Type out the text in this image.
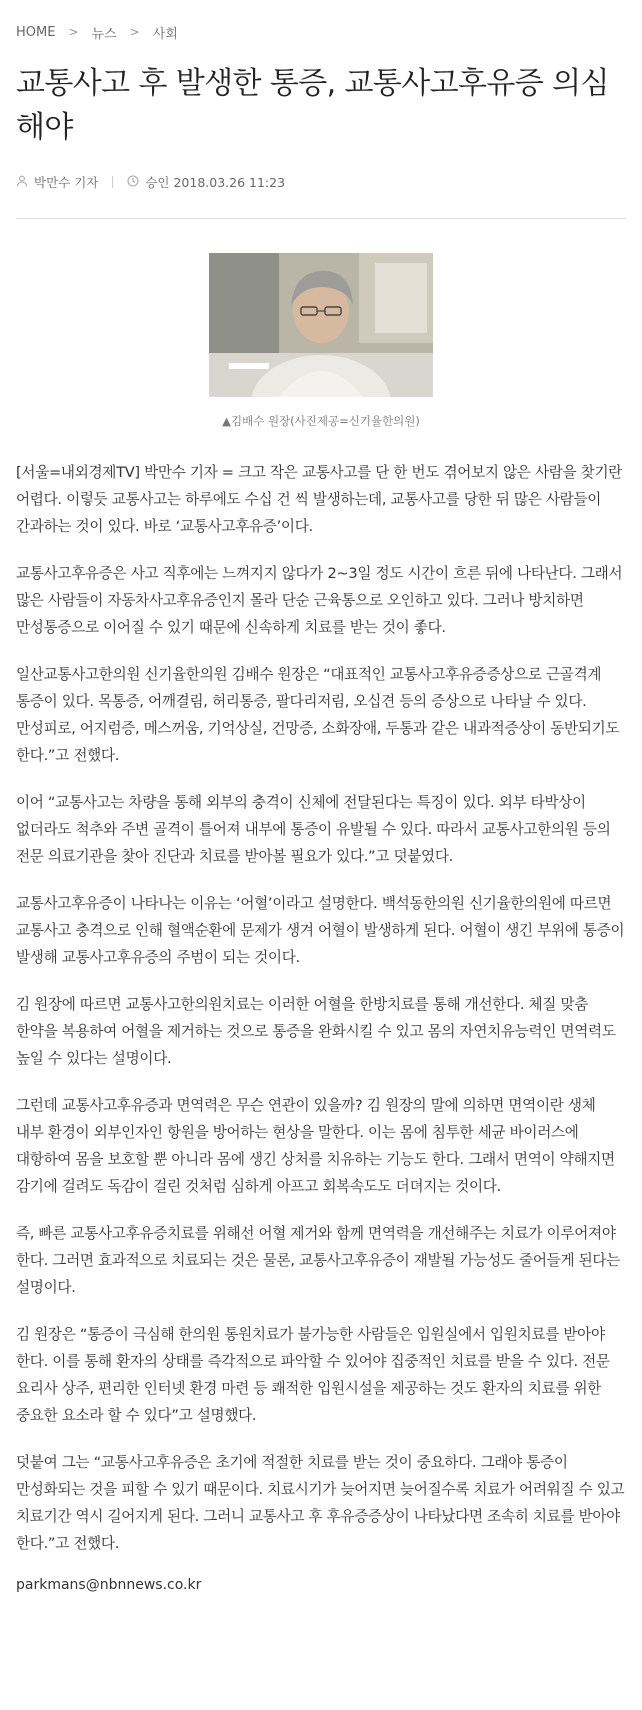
HOME > 뉴스 > 사회
교통사고 후 발생한 통증, 교통사고후유증 의심해야
박만수 기자	승인 2018.03.26 11:23
▲김배수 원장(사진제공=신기율한의원)

[서울=내외경제TV] 박만수 기자 = 크고 작은 교통사고를 단 한 번도 겪어보지 않은 사람을 찾기란 어렵다. 이렇듯 교통사고는 하루에도 수십 건 씩 발생하는데, 교통사고를 당한 뒤 많은 사람들이 간과하는 것이 있다. 바로 ‘교통사고후유증’이다.

교통사고후유증은 사고 직후에는 느껴지지 않다가 2~3일 정도 시간이 흐른 뒤에 나타난다. 그래서 많은 사람들이 자동차사고후유증인지 몰라 단순 근육통으로 오인하고 있다. 그러나 방치하면 만성통증으로 이어질 수 있기 때문에 신속하게 치료를 받는 것이 좋다.

일산교통사고한의원 신기율한의원 김배수 원장은 “대표적인 교통사고후유증증상으로 근골격계 통증이 있다. 목통증, 어깨결림, 허리통증, 팔다리저림, 오십견 등의 증상으로 나타날 수 있다. 만성피로, 어지럼증, 메스꺼움, 기억상실, 건망증, 소화장애, 두통과 같은 내과적증상이 동반되기도 한다.”고 전했다.

이어 “교통사고는 차량을 통해 외부의 충격이 신체에 전달된다는 특징이 있다. 외부 타박상이 없더라도 척추와 주변 골격이 틀어져 내부에 통증이 유발될 수 있다. 따라서 교통사고한의원 등의 전문 의료기관을 찾아 진단과 치료를 받아볼 필요가 있다.”고 덧붙였다.

교통사고후유증이 나타나는 이유는 ‘어혈’이라고 설명한다. 백석동한의원 신기율한의원에 따르면 교통사고 충격으로 인해 혈액순환에 문제가 생겨 어혈이 발생하게 된다. 어혈이 생긴 부위에 통증이 발생해 교통사고후유증의 주범이 되는 것이다.

김 원장에 따르면 교통사고한의원치료는 이러한 어혈을 한방치료를 통해 개선한다. 체질 맞춤 한약을 복용하여 어혈을 제거하는 것으로 통증을 완화시킬 수 있고 몸의 자연치유능력인 면역력도 높일 수 있다는 설명이다.

그런데 교통사고후유증과 면역력은 무슨 연관이 있을까? 김 원장의 말에 의하면 면역이란 생체 내부 환경이 외부인자인 항원을 방어하는 현상을 말한다. 이는 몸에 침투한 세균 바이러스에 대항하여 몸을 보호할 뿐 아니라 몸에 생긴 상처를 치유하는 기능도 한다. 그래서 면역이 약해지면 감기에 걸려도 독감이 걸린 것처럼 심하게 아프고 회복속도도 더뎌지는 것이다.

즉, 빠른 교통사고후유증치료를 위해선 어혈 제거와 함께 면역력을 개선해주는 치료가 이루어져야 한다. 그러면 효과적으로 치료되는 것은 물론, 교통사고후유증이 재발될 가능성도 줄어들게 된다는 설명이다.

김 원장은 “통증이 극심해 한의원 통원치료가 불가능한 사람들은 입원실에서 입원치료를 받아야 한다. 이를 통해 환자의 상태를 즉각적으로 파악할 수 있어야 집중적인 치료를 받을 수 있다. 전문 요리사 상주, 편리한 인터넷 환경 마련 등 쾌적한 입원시설을 제공하는 것도 환자의 치료를 위한 중요한 요소라 할 수 있다”고 설명했다.

덧붙여 그는 “교통사고후유증은 초기에 적절한 치료를 받는 것이 중요하다. 그래야 통증이 만성화되는 것을 피할 수 있기 때문이다. 치료시기가 늦어지면 늦어질수록 치료가 어려워질 수 있고 치료기간 역시 길어지게 된다. 그러니 교통사고 후 후유증증상이 나타났다면 조속히 치료를 받아야 한다.”고 전했다.

parkmans@nbnnews.co.kr
